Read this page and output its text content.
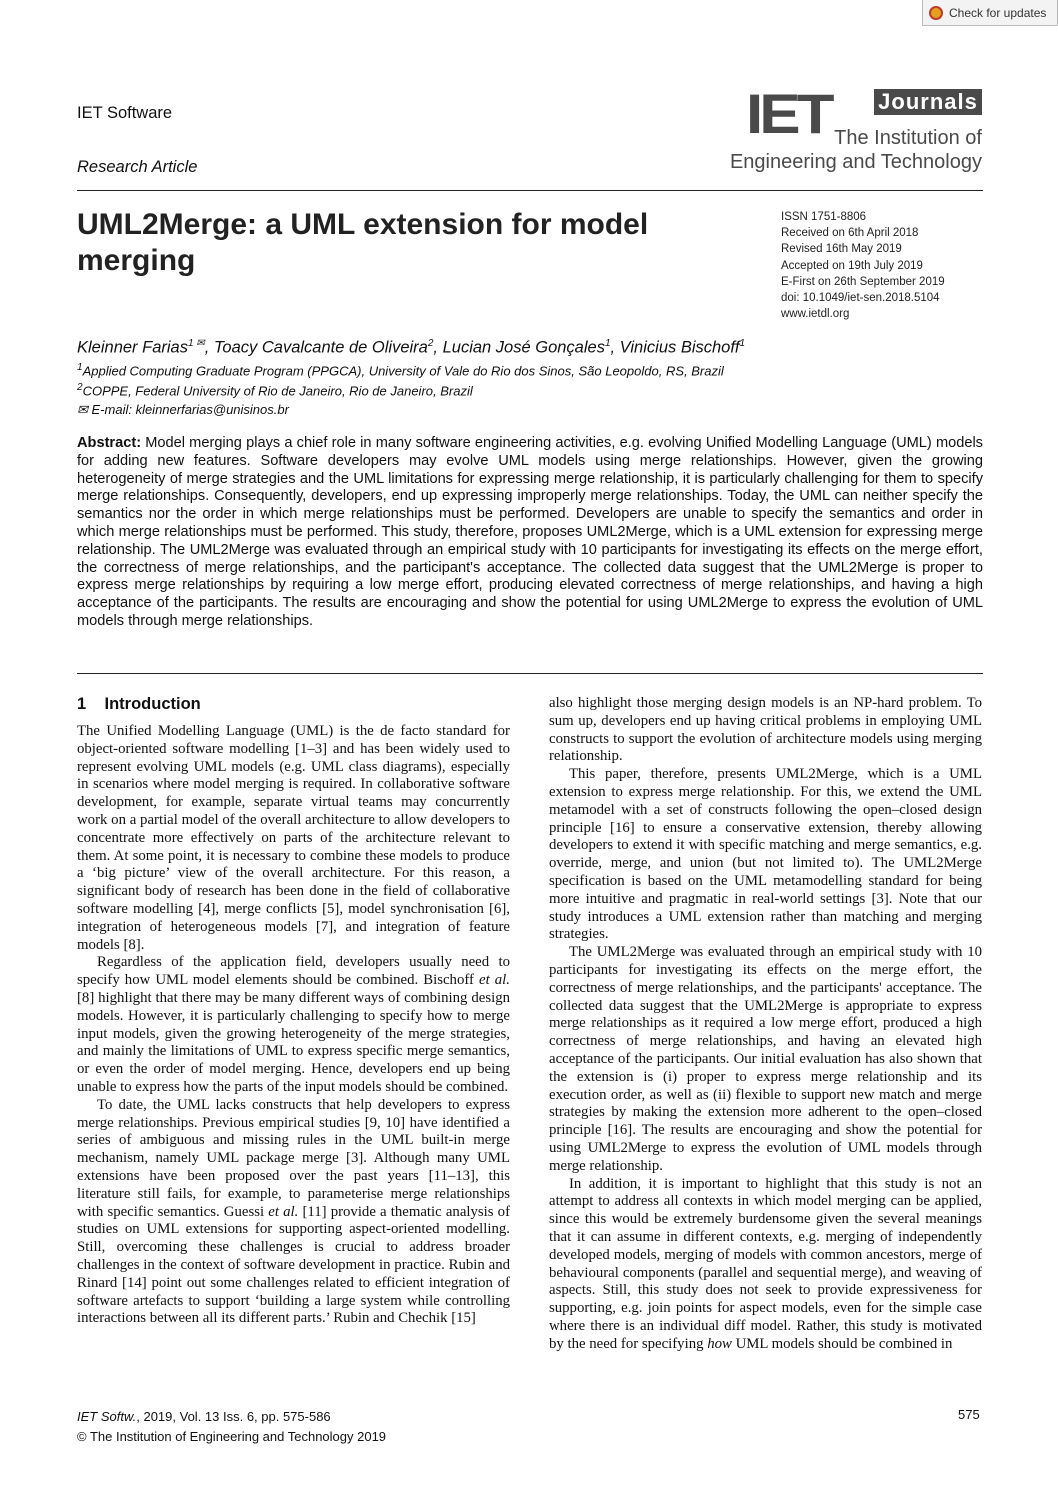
Check for updates
IET Software
Research Article
IET Journals
The Institution of
Engineering and Technology
UML2Merge: a UML extension for model merging
ISSN 1751-8806
Received on 6th April 2018
Revised 16th May 2019
Accepted on 19th July 2019
E-First on 26th September 2019
doi: 10.1049/iet-sen.2018.5104
www.ietdl.org
Kleinner Farias$^{1 ✉}$, Toacy Cavalcante de Oliveira$^2$, Lucian José Gonçales$^1$, Vinicius Bischoff$^1$
$^1$Applied Computing Graduate Program (PPGCA), University of Vale do Rio dos Sinos, São Leopoldo, RS, Brazil
$^2$COPPE, Federal University of Rio de Janeiro, Rio de Janeiro, Brazil
✉ E-mail: kleinnerfarias@unisinos.br
Abstract: Model merging plays a chief role in many software engineering activities, e.g. evolving Unified Modelling Language (UML) models for adding new features. Software developers may evolve UML models using merge relationships. However, given the growing heterogeneity of merge strategies and the UML limitations for expressing merge relationship, it is particularly challenging for them to specify merge relationships. Consequently, developers, end up expressing improperly merge relationships. Today, the UML can neither specify the semantics nor the order in which merge relationships must be performed. Developers are unable to specify the semantics and order in which merge relationships must be performed. This study, therefore, proposes UML2Merge, which is a UML extension for expressing merge relationship. The UML2Merge was evaluated through an empirical study with 10 participants for investigating its effects on the merge effort, the correctness of merge relationships, and the participant's acceptance. The collected data suggest that the UML2Merge is proper to express merge relationships by requiring a low merge effort, producing elevated correctness of merge relationships, and having a high acceptance of the participants. The results are encouraging and show the potential for using UML2Merge to express the evolution of UML models through merge relationships.
1    Introduction

The Unified Modelling Language (UML) is the de facto standard for object-oriented software modelling [1–3] and has been widely used to represent evolving UML models (e.g. UML class diagrams), especially in scenarios where model merging is required. In collaborative software development, for example, separate virtual teams may concurrently work on a partial model of the overall architecture to allow developers to concentrate more effectively on parts of the architecture relevant to them. At some point, it is necessary to combine these models to produce a ‘big picture’ view of the overall architecture. For this reason, a significant body of research has been done in the field of collaborative software modelling [4], merge conflicts [5], model synchronisation [6], integration of heterogeneous models [7], and integration of feature models [8].

Regardless of the application field, developers usually need to specify how UML model elements should be combined. Bischoff et al. [8] highlight that there may be many different ways of combining design models. However, it is particularly challenging to specify how to merge input models, given the growing heterogeneity of the merge strategies, and mainly the limitations of UML to express specific merge semantics, or even the order of model merging. Hence, developers end up being unable to express how the parts of the input models should be combined.

To date, the UML lacks constructs that help developers to express merge relationships. Previous empirical studies [9, 10] have identified a series of ambiguous and missing rules in the UML built-in merge mechanism, namely UML package merge [3]. Although many UML extensions have been proposed over the past years [11–13], this literature still fails, for example, to parameterise merge relationships with specific semantics. Guessi et al. [11] provide a thematic analysis of studies on UML extensions for supporting aspect-oriented modelling. Still, overcoming these challenges is crucial to address broader challenges in the context of software development in practice. Rubin and Rinard [14] point out some challenges related to efficient integration of software artefacts to support ‘building a large system while controlling interactions between all its different parts.’ Rubin and Chechik [15]

also highlight those merging design models is an NP-hard problem. To sum up, developers end up having critical problems in employing UML constructs to support the evolution of architecture models using merging relationship.

This paper, therefore, presents UML2Merge, which is a UML extension to express merge relationship. For this, we extend the UML metamodel with a set of constructs following the open–closed design principle [16] to ensure a conservative extension, thereby allowing developers to extend it with specific matching and merge semantics, e.g. override, merge, and union (but not limited to). The UML2Merge specification is based on the UML metamodelling standard for being more intuitive and pragmatic in real-world settings [3]. Note that our study introduces a UML extension rather than matching and merging strategies.

The UML2Merge was evaluated through an empirical study with 10 participants for investigating its effects on the merge effort, the correctness of merge relationships, and the participants' acceptance. The collected data suggest that the UML2Merge is appropriate to express merge relationships as it required a low merge effort, produced a high correctness of merge relationships, and having an elevated high acceptance of the participants. Our initial evaluation has also shown that the extension is (i) proper to express merge relationship and its execution order, as well as (ii) flexible to support new match and merge strategies by making the extension more adherent to the open–closed principle [16]. The results are encouraging and show the potential for using UML2Merge to express the evolution of UML models through merge relationship.

In addition, it is important to highlight that this study is not an attempt to address all contexts in which model merging can be applied, since this would be extremely burdensome given the several meanings that it can assume in different contexts, e.g. merging of independently developed models, merging of models with common ancestors, merge of behavioural components (parallel and sequential merge), and weaving of aspects. Still, this study does not seek to provide expressiveness for supporting, e.g. join points for aspect models, even for the simple case where there is an individual diff model. Rather, this study is motivated by the need for specifying how UML models should be combined in

IET Softw., 2019, Vol. 13 Iss. 6, pp. 575-586
© The Institution of Engineering and Technology 2019
575
